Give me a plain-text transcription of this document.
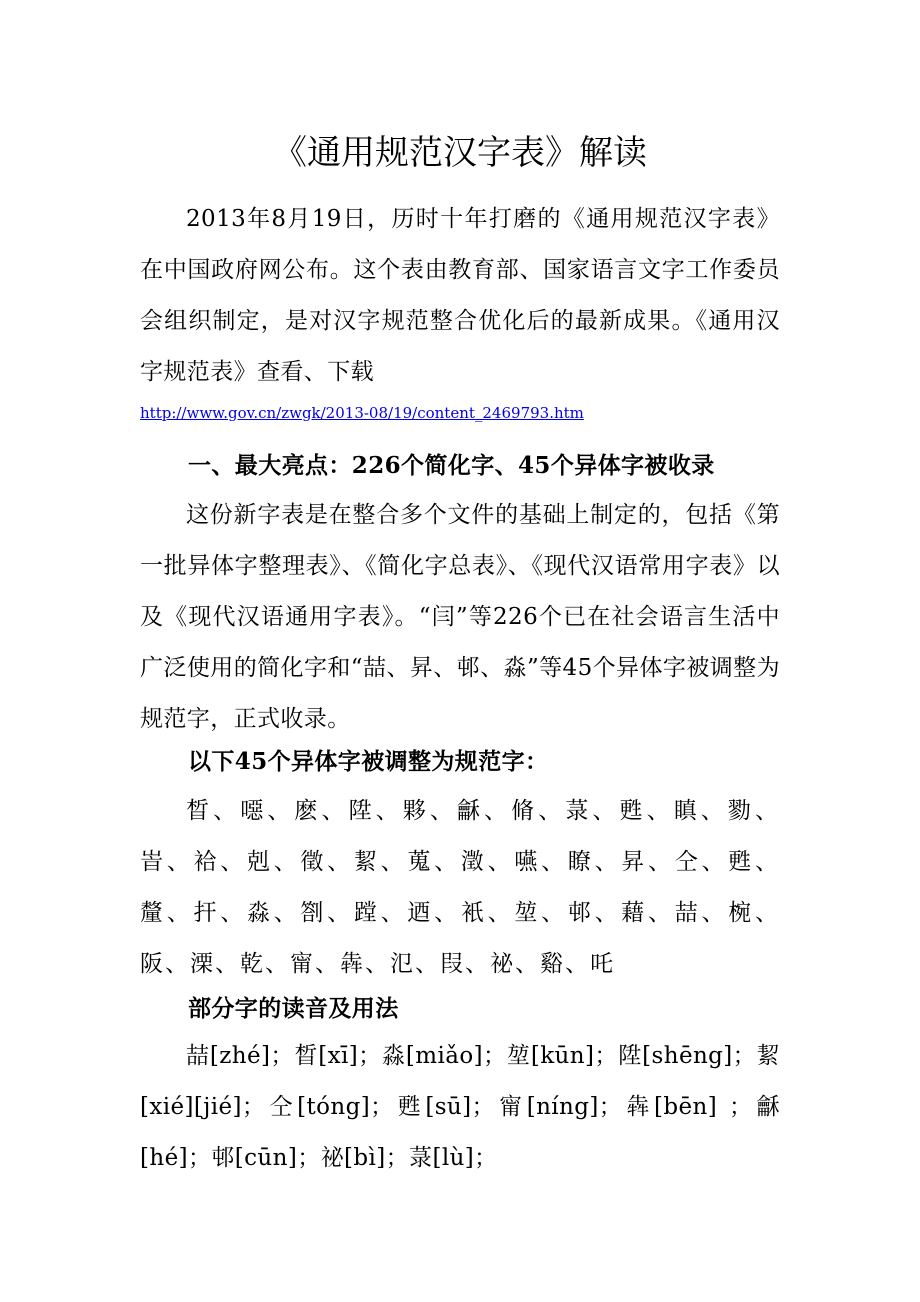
《通用规范汉字表》解读

2013年8月19日，历时十年打磨的《通用规范汉字表》在中国政府网公布。这个表由教育部、国家语言文字工作委员会组织制定，是对汉字规范整合优化后的最新成果。《通用汉字规范表》查看、下载

http://www.gov.cn/zwgk/2013-08/19/content_2469793.htm

一、最大亮点：226个简化字、45个异体字被收录

这份新字表是在整合多个文件的基础上制定的，包括《第一批异体字整理表》、《简化字总表》、《现代汉语常用字表》以及《现代汉语通用字表》。“闫”等226个已在社会语言生活中广泛使用的简化字和“喆、昇、邨、淼”等45个异体字被调整为规范字，正式收录。

以下45个异体字被调整为规范字：

晳、噁、麽、陞、夥、龢、脩、菉、甦、瞋、勠、峕、袷、剋、徵、絜、蒐、澂、嚥、瞭、昇、仝、甦、釐、扞、淼、劄、蹚、迺、衹、堃、邨、藉、喆、椀、阪、溧、乾、甯、犇、氾、叚、祕、谿、吒

部分字的读音及用法

喆[zhé]；晳[xī]；淼[miǎo]；堃[kūn]；陞[shēng]；絜[xié][jié]；仝[tóng]；甦[sū]；甯[níng]；犇[bēn] ；龢[hé]；邨[cūn]；祕[bì]；菉[lù]；
